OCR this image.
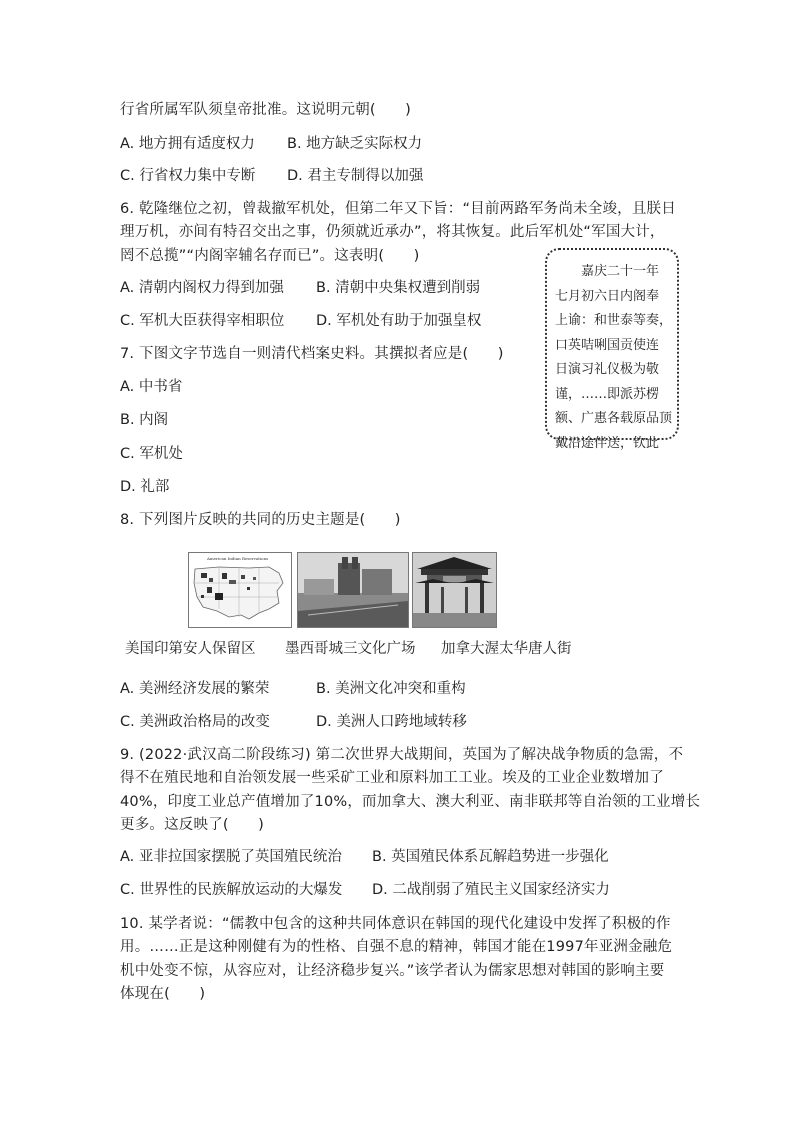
行省所属军队须皇帝批准。这说明元朝(　　)
A. 地方拥有适度权力 B. 地方缺乏实际权力
C. 行省权力集中专断 D. 君主专制得以加强
6. 乾隆继位之初，曾裁撤军机处，但第二年又下旨：“目前两路军务尚未全竣，且朕日
理万机，亦间有特召交出之事，仍须就近承办”，将其恢复。此后军机处“军国大计，
罔不总揽”“内阁宰辅名存而已”。这表明(　　)
A. 清朝内阁权力得到加强 B. 清朝中央集权遭到削弱
C. 军机大臣获得宰相职位 D. 军机处有助于加强皇权
7. 下图文字节选自一则清代档案史料。其撰拟者应是(　　)
A. 中书省
B. 内阁
C. 军机处
D. 礼部
嘉庆二十一年
七月初六日内阁奉
上谕：和世泰等奏，
口英咭唎国贡使连
日演习礼仪极为敬
谨，……即派苏楞
额、广惠各载原品顶
戴沿途伴送，钦此
8. 下列图片反映的共同的历史主题是(　　)
American Indian Reservations
美国印第安人保留区 墨西哥城三文化广场 加拿大渥太华唐人街
A. 美洲经济发展的繁荣	B. 美洲文化冲突和重构
C. 美洲政治格局的改变	D. 美洲人口跨地域转移
9. (2022·武汉高二阶段练习) 第二次世界大战期间，英国为了解决战争物质的急需，不
得不在殖民地和自治领发展一些采矿工业和原料加工工业。埃及的工业企业数增加了
40%，印度工业总产值增加了10%，而加拿大、澳大利亚、南非联邦等自治领的工业增长
更多。这反映了(　　)
A. 亚非拉国家摆脱了英国殖民统治 B. 英国殖民体系瓦解趋势进一步强化
C. 世界性的民族解放运动的大爆发 D. 二战削弱了殖民主义国家经济实力
10. 某学者说：“儒教中包含的这种共同体意识在韩国的现代化建设中发挥了积极的作
用。……正是这种刚健有为的性格、自强不息的精神，韩国才能在1997年亚洲金融危
机中处变不惊，从容应对，让经济稳步复兴。”该学者认为儒家思想对韩国的影响主要
体现在(　　)
